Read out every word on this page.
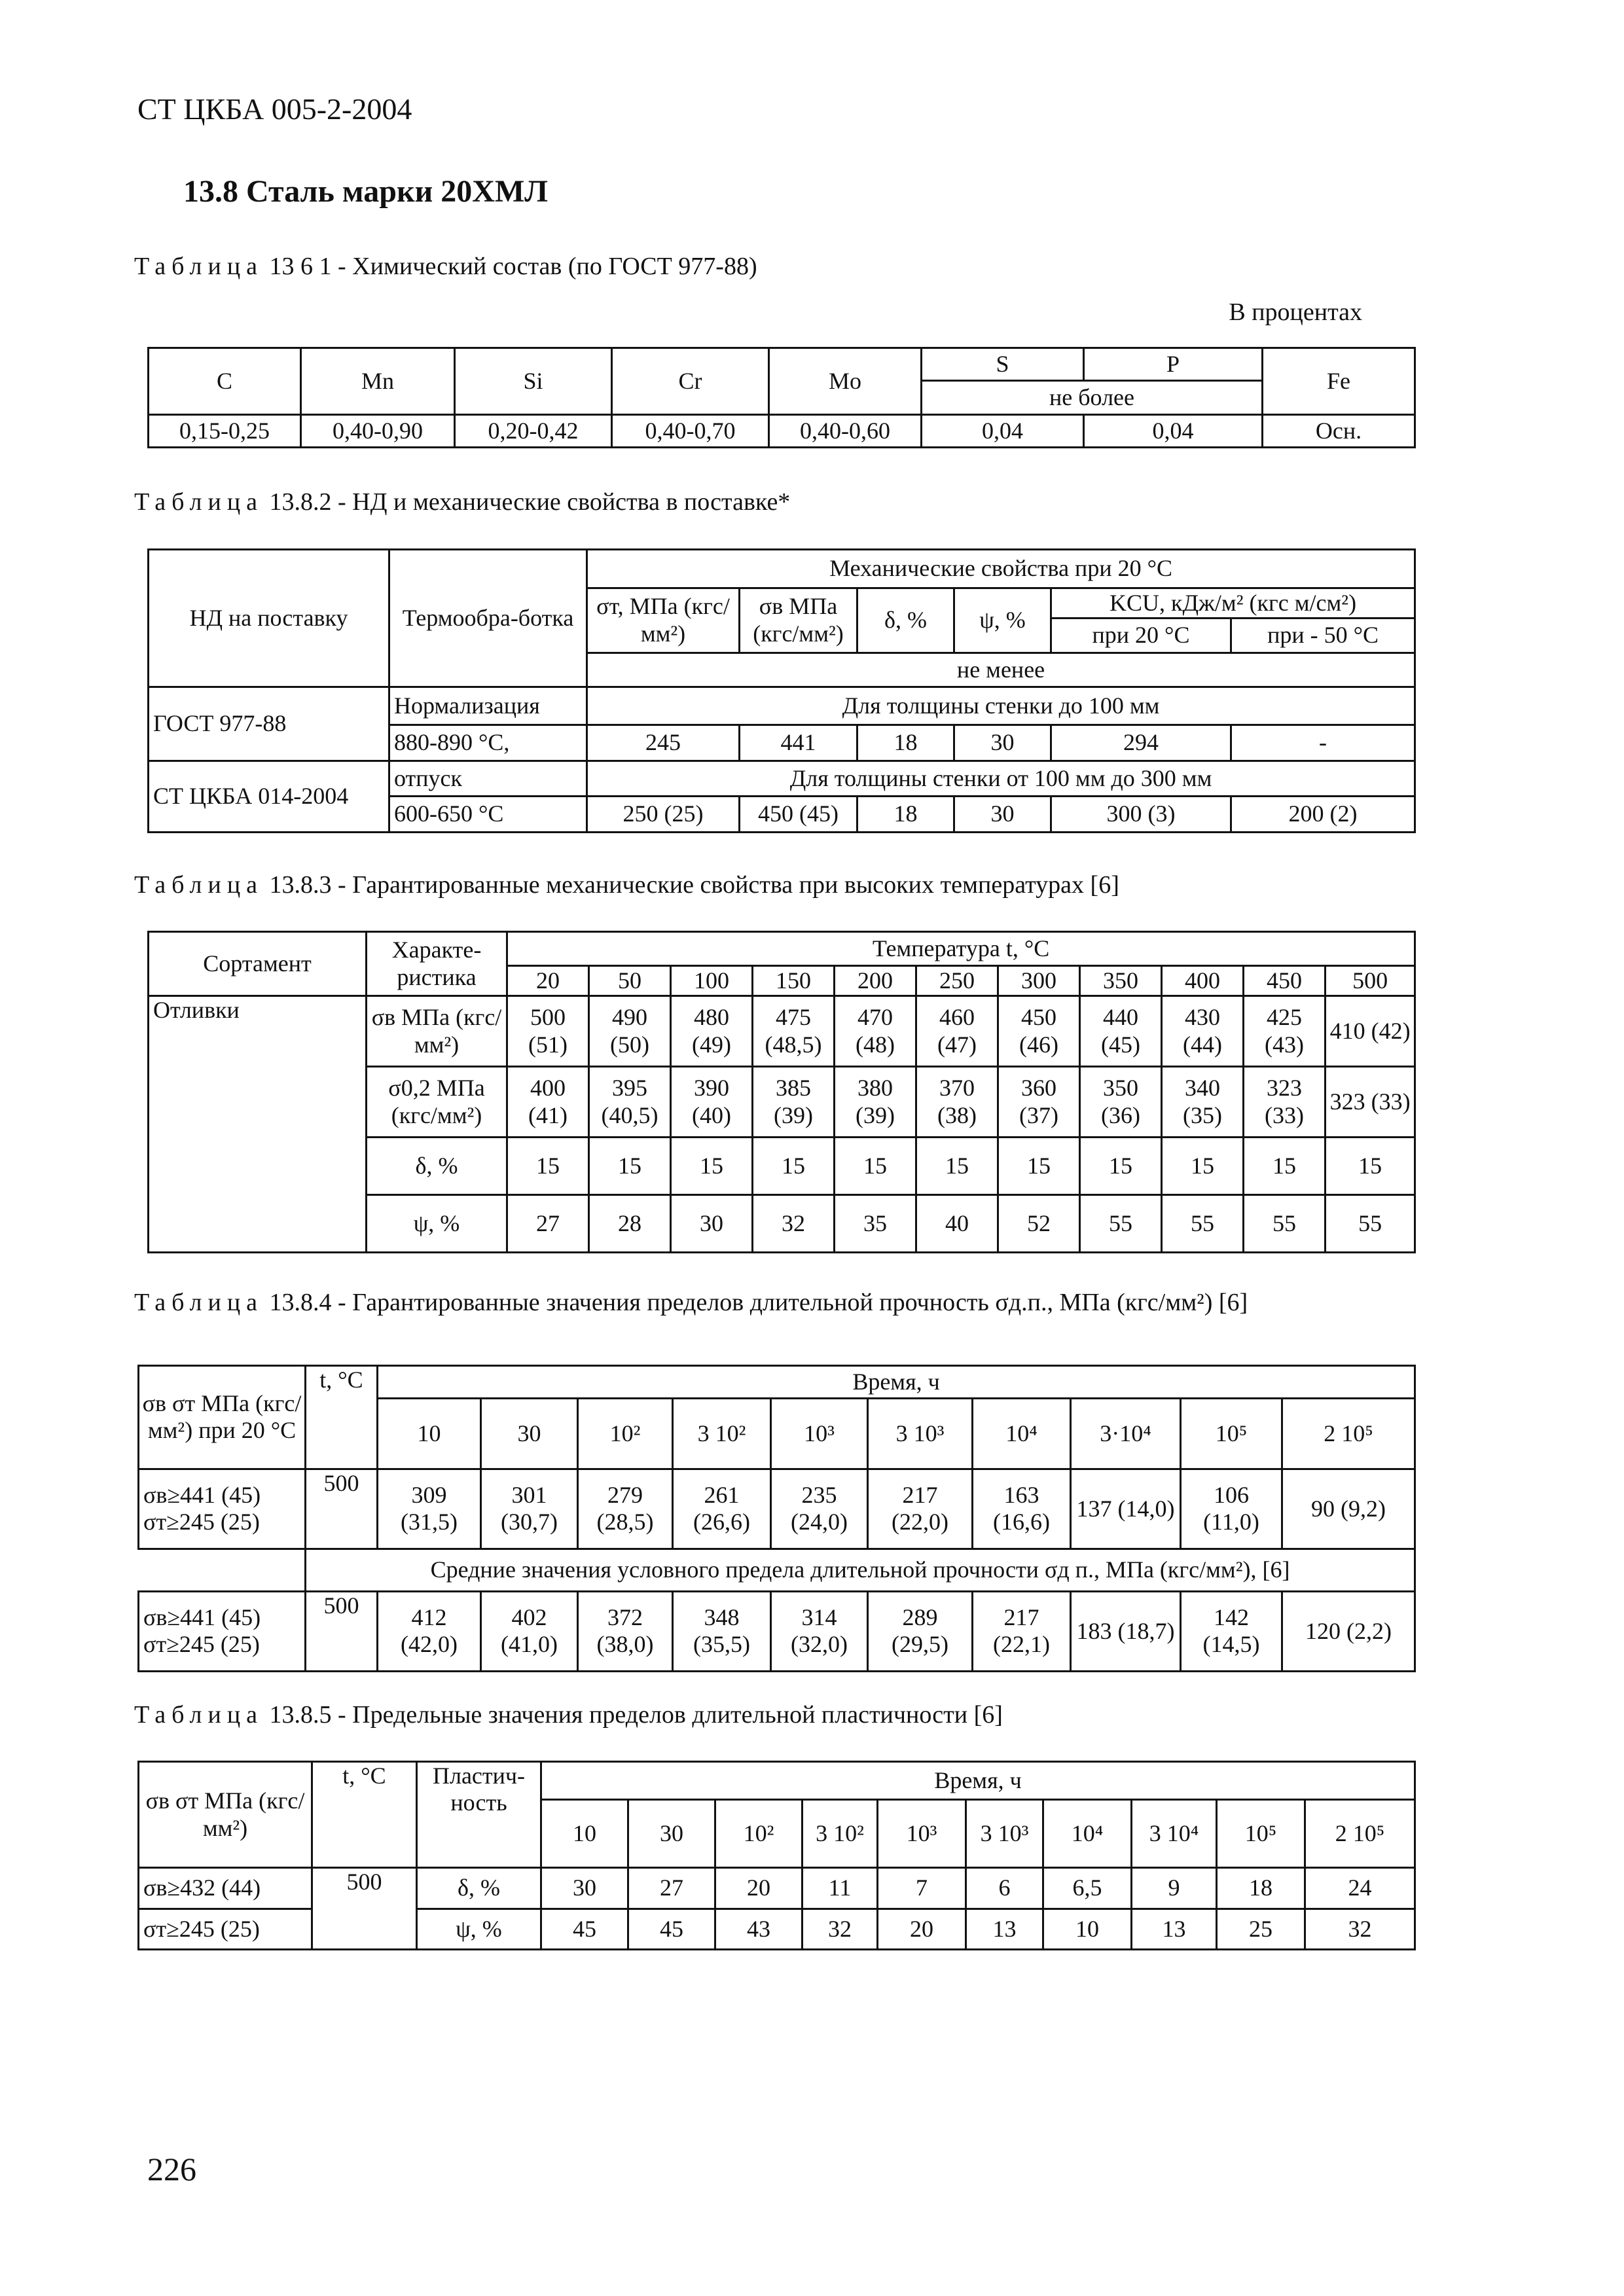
СТ ЦКБА 005-2-2004
13.8 Сталь марки 20ХМЛ
Таблица 13 6 1 - Химический состав (по ГОСТ 977-88)
В процентах
С	Mn	Si	Cr	Mo	S	P	Fe
					не более		
0,15-0,25	0,40-0,90	0,20-0,42	0,40-0,70	0,40-0,60	0,04	0,04	Осн.
Таблица 13.8.2 - НД и механические свойства в поставке*
НД на поставку	Термообра-ботка	Механические свойства при 20 °С					
		σт, МПа (кгс/мм²)	σв МПа (кгс/мм²)	δ, %	ψ, %	KCU, кДж/м² (кгс м/см²)	
						при 20 °С	при - 50 °С
		не менее					
ГОСТ 977-88	Нормализация	Для толщины стенки до 100 мм					
	880-890 °С,	245	441	18	30	294	-
СТ ЦКБА 014-2004	отпуск	Для толщины стенки от 100 мм до 300 мм					
	600-650 °С	250 (25)	450 (45)	18	30	300 (3)	200 (2)
Таблица 13.8.3 - Гарантированные механические свойства при высоких температурах [6]
Сортамент	Характе-ристика	Температура t, °С										
		20	50	100	150	200	250	300	350	400	450	500
Отливки	σв МПа (кгс/мм²)	500 (51)	490 (50)	480 (49)	475 (48,5)	470 (48)	460 (47)	450 (46)	440 (45)	430 (44)	425 (43)	410 (42)
	σ0,2 МПа (кгс/мм²)	400 (41)	395 (40,5)	390 (40)	385 (39)	380 (39)	370 (38)	360 (37)	350 (36)	340 (35)	323 (33)	323 (33)
	δ, %	15	15	15	15	15	15	15	15	15	15	15
	ψ, %	27	28	30	32	35	40	52	55	55	55	55
Таблица 13.8.4 - Гарантированные значения пределов длительной прочность σд.п., МПа (кгс/мм²) [6]
σв σт МПа (кгс/мм²) при 20 °С	t, °С	Время, ч									
		10	30	10²	3 10²	10³	3 10³	10⁴	3·10⁴	10⁵	2 10⁵

σв≥441 (45)
σт≥245 (25)	500	309 (31,5)	301 (30,7)	279 (28,5)	261 (26,6)	235 (24,0)	217 (22,0)	163 (16,6)	137 (14,0)	106 (11,0)	90 (9,2)
	Средние значения условного предела длительной прочности σд п., МПа (кгс/мм²), [6]										

σв≥441 (45)
σт≥245 (25)	500	412 (42,0)	402 (41,0)	372 (38,0)	348 (35,5)	314 (32,0)	289 (29,5)	217 (22,1)	183 (18,7)	142 (14,5)	120 (2,2)
Таблица 13.8.5 - Предельные значения пределов длительной пластичности [6]
σв σт МПа (кгс/мм²)	t, °С	Пластич-ность	Время, ч									
			10	30	10²	3 10²	10³	3 10³	10⁴	3 10⁴	10⁵	2 10⁵
σв≥432 (44)	500	δ, %	30	27	20	11	7	6	6,5	9	18	24
σт≥245 (25)		ψ, %	45	45	43	32	20	13	10	13	25	32
226
